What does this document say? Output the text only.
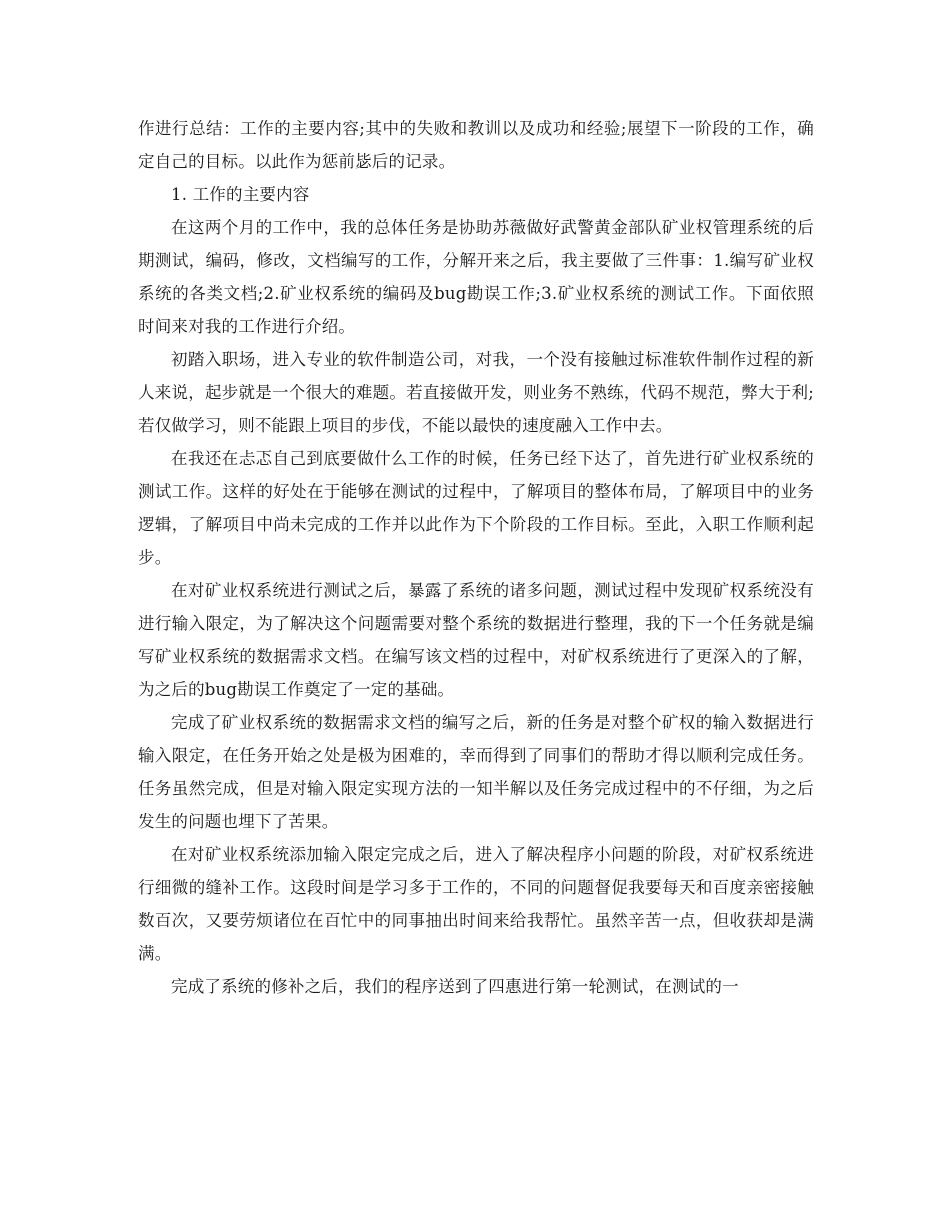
作进行总结：工作的主要内容;其中的失败和教训以及成功和经验;展望下一阶段的工作，确定自己的目标。以此作为惩前毖后的记录。

1. 工作的主要内容

在这两个月的工作中，我的总体任务是协助苏薇做好武警黄金部队矿业权管理系统的后期测试，编码，修改，文档编写的工作，分解开来之后，我主要做了三件事：1.编写矿业权系统的各类文档;2.矿业权系统的编码及bug勘误工作;3.矿业权系统的测试工作。下面依照时间来对我的工作进行介绍。

初踏入职场，进入专业的软件制造公司，对我，一个没有接触过标准软件制作过程的新人来说，起步就是一个很大的难题。若直接做开发，则业务不熟练，代码不规范，弊大于利;若仅做学习，则不能跟上项目的步伐，不能以最快的速度融入工作中去。

在我还在忐忑自己到底要做什么工作的时候，任务已经下达了，首先进行矿业权系统的测试工作。这样的好处在于能够在测试的过程中，了解项目的整体布局，了解项目中的业务逻辑，了解项目中尚未完成的工作并以此作为下个阶段的工作目标。至此，入职工作顺利起步。

在对矿业权系统进行测试之后，暴露了系统的诸多问题，测试过程中发现矿权系统没有进行输入限定，为了解决这个问题需要对整个系统的数据进行整理，我的下一个任务就是编写矿业权系统的数据需求文档。在编写该文档的过程中，对矿权系统进行了更深入的了解，为之后的bug勘误工作奠定了一定的基础。

完成了矿业权系统的数据需求文档的编写之后，新的任务是对整个矿权的输入数据进行输入限定，在任务开始之处是极为困难的，幸而得到了同事们的帮助才得以顺利完成任务。任务虽然完成，但是对输入限定实现方法的一知半解以及任务完成过程中的不仔细，为之后发生的问题也埋下了苦果。

在对矿业权系统添加输入限定完成之后，进入了解决程序小问题的阶段，对矿权系统进行细微的缝补工作。这段时间是学习多于工作的，不同的问题督促我要每天和百度亲密接触数百次，又要劳烦诸位在百忙中的同事抽出时间来给我帮忙。虽然辛苦一点，但收获却是满满。

完成了系统的修补之后，我们的程序送到了四惠进行第一轮测试，在测试的一
